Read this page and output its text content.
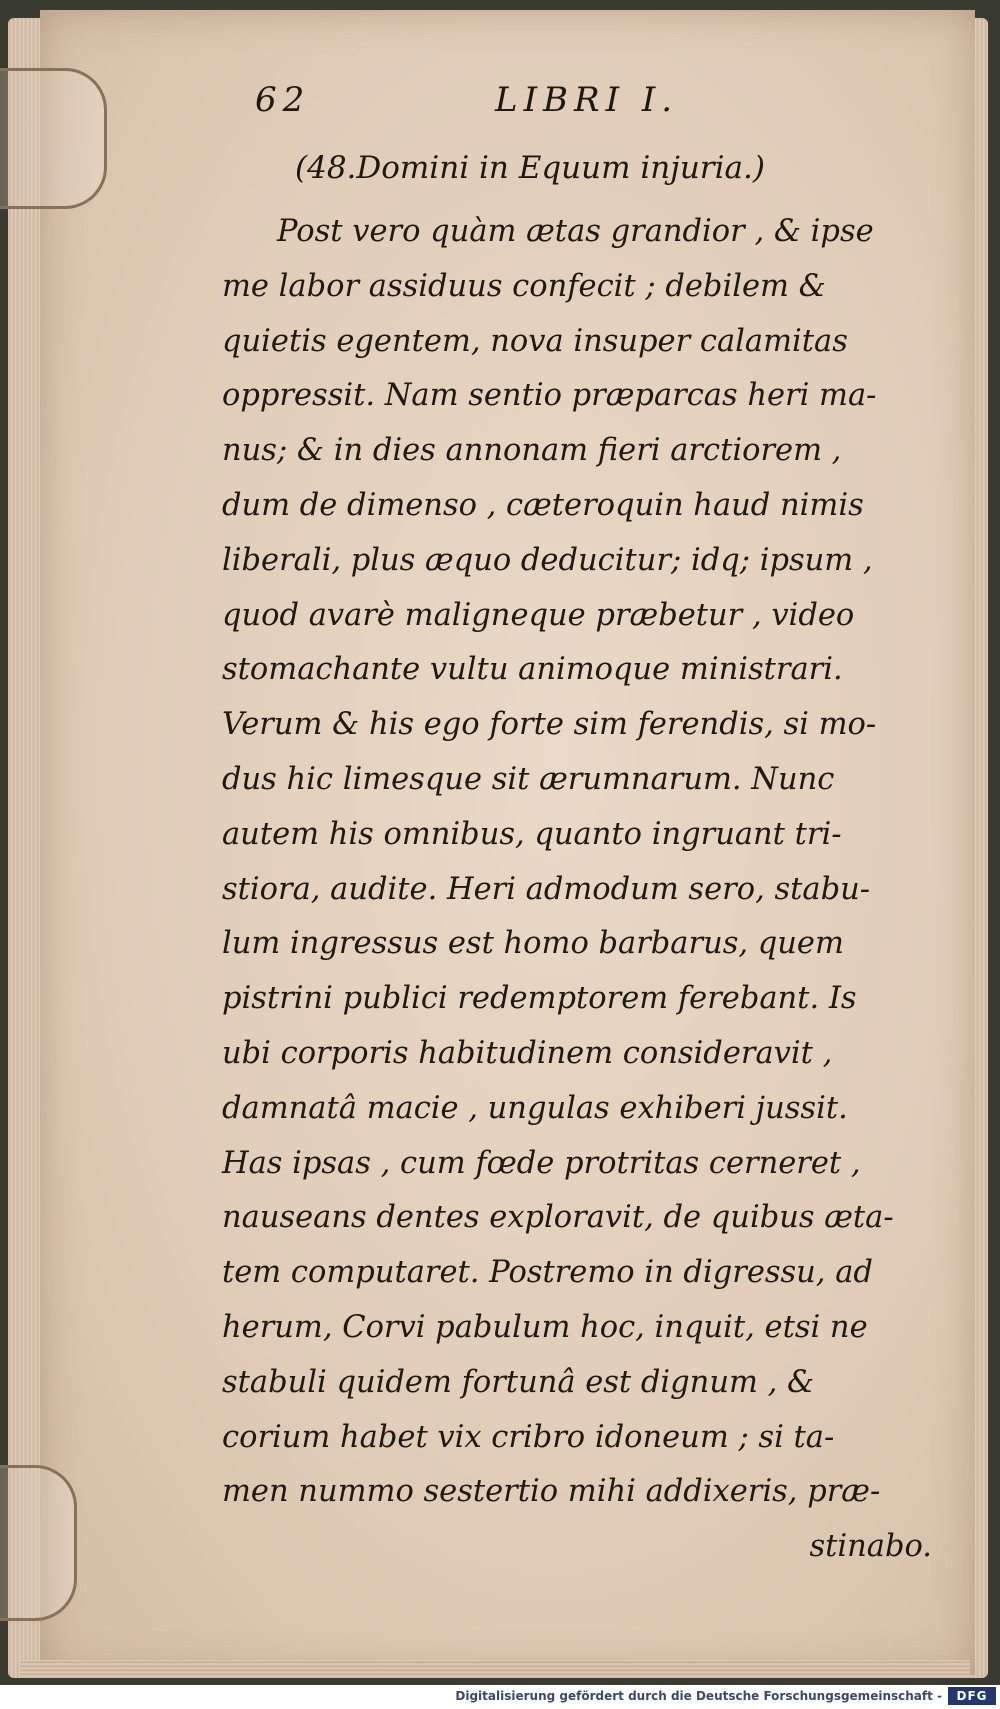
62	LIBRI I.
(48.Domini in Equum injuria.)
Post vero quàm ætas grandior , & ipse
me labor assiduus confecit ; debilem &
quietis egentem, nova insuper calamitas
oppressit. Nam sentio præparcas heri ma-
nus; & in dies annonam fieri arctiorem ,
dum de dimenso , cæteroquin haud nimis
liberali, plus æquo deducitur; idq; ipsum ,
quod avarè maligneque præbetur , video
stomachante vultu animoque ministrari.
Verum & his ego forte sim ferendis, si mo-
dus hic limesque sit ærumnarum. Nunc
autem his omnibus, quanto ingruant tri-
stiora, audite. Heri admodum sero, stabu-
lum ingressus est homo barbarus, quem
pistrini publici redemptorem ferebant. Is
ubi corporis habitudinem consideravit ,
damnatâ macie , ungulas exhiberi jussit.
Has ipsas , cum fœde protritas cerneret ,
nauseans dentes exploravit, de quibus æta-
tem computaret. Postremo in digressu, ad
herum, Corvi pabulum hoc, inquit, etsi ne
stabuli quidem fortunâ est dignum , &
corium habet vix cribro idoneum ; si ta-
men nummo sestertio mihi addixeris, præ-
stinabo.
Digitalisierung gefördert durch die Deutsche Forschungsgemeinschaft -	DFG
